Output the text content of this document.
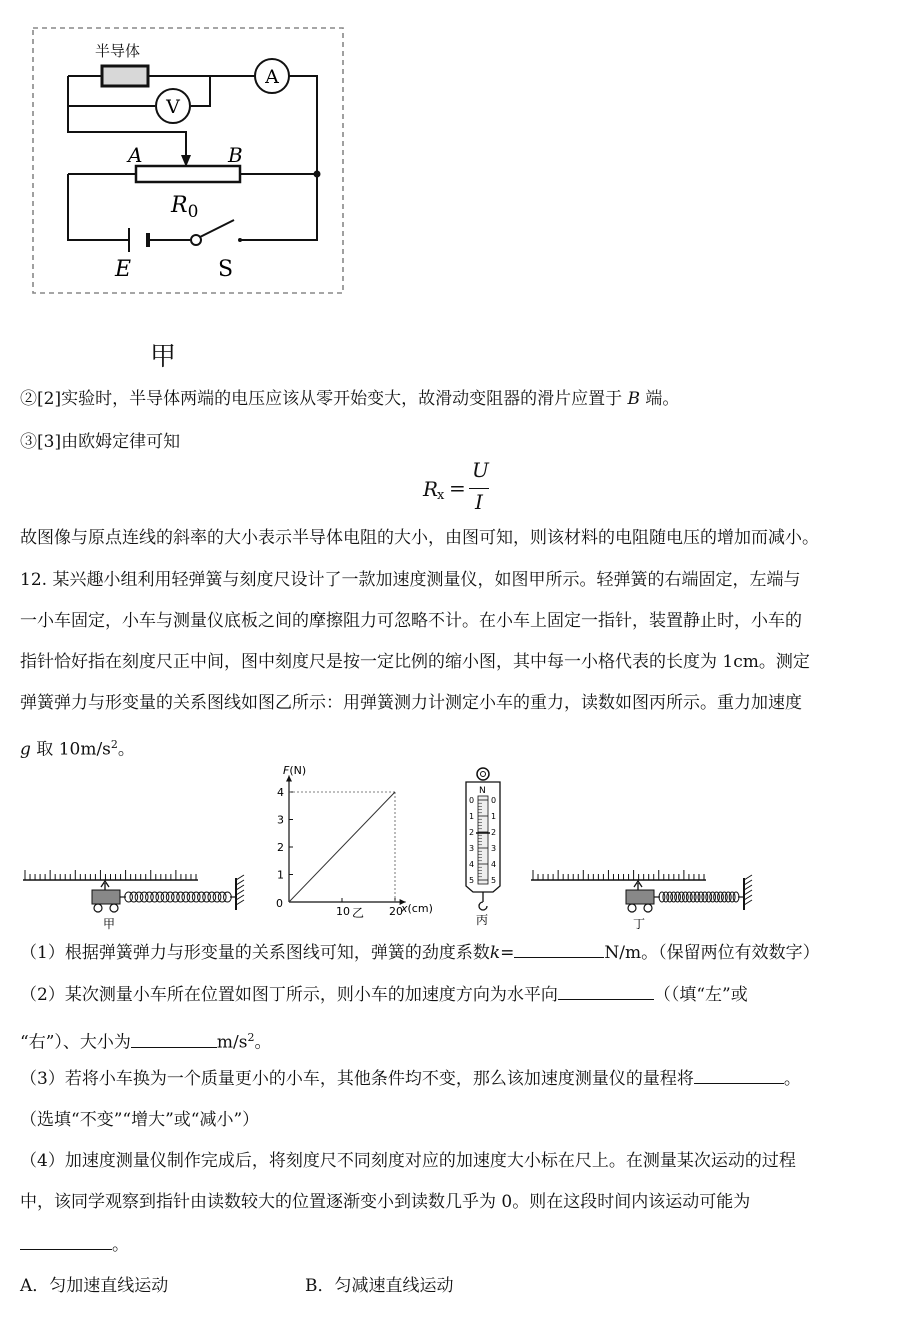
半导体
A
V
A	B
$R_0$
E	S
甲
②[2]实验时，半导体两端的电压应该从零开始变大，故滑动变阻器的滑片应置于 B 端。
③[3]由欧姆定律可知
R
x =
U
I
故图像与原点连线的斜率的大小表示半导体电阻的大小，由图可知，则该材料的电阻随电压的增加而减小。
12. 某兴趣小组利用轻弹簧与刻度尺设计了一款加速度测量仪，如图甲所示。轻弹簧的右端固定，左端与
一小车固定，小车与测量仪底板之间的摩擦阻力可忽略不计。在小车上固定一指针，装置静止时，小车的
指针恰好指在刻度尺正中间，图中刻度尺是按一定比例的缩小图，其中每一小格代表的长度为 1cm。测定
弹簧弹力与形变量的关系图线如图乙所示：用弹簧测力计测定小车的重力，读数如图丙所示。重力加速度
g 取 $10m/s^2$。
甲
1
2
3
4
10	20
F(N)
x(cm)
0
乙
N
0 0
1 1
2 2
3 3
4 4
5 5
丙	丁
（1）根据弹簧弹力与形变量的关系图线可知，弹簧的劲度系数k=	N/m。（保留两位有效数字）
（2）某次测量小车所在位置如图丁所示，则小车的加速度方向为水平向	（（填“左”或
“右”）、大小为	$m/s^2$。
（3）若将小车换为一个质量更小的小车，其他条件均不变，那么该加速度测量仪的量程将	。
（选填“不变”“增大”或“减小”）
（4）加速度测量仪制作完成后，将刻度尺不同刻度对应的加速度大小标在尺上。在测量某次运动的过程
中，该同学观察到指针由读数较大的位置逐渐变小到读数几乎为 0。则在这段时间内该运动可能为
。
A．匀加速直线运动	B．匀减速直线运动
